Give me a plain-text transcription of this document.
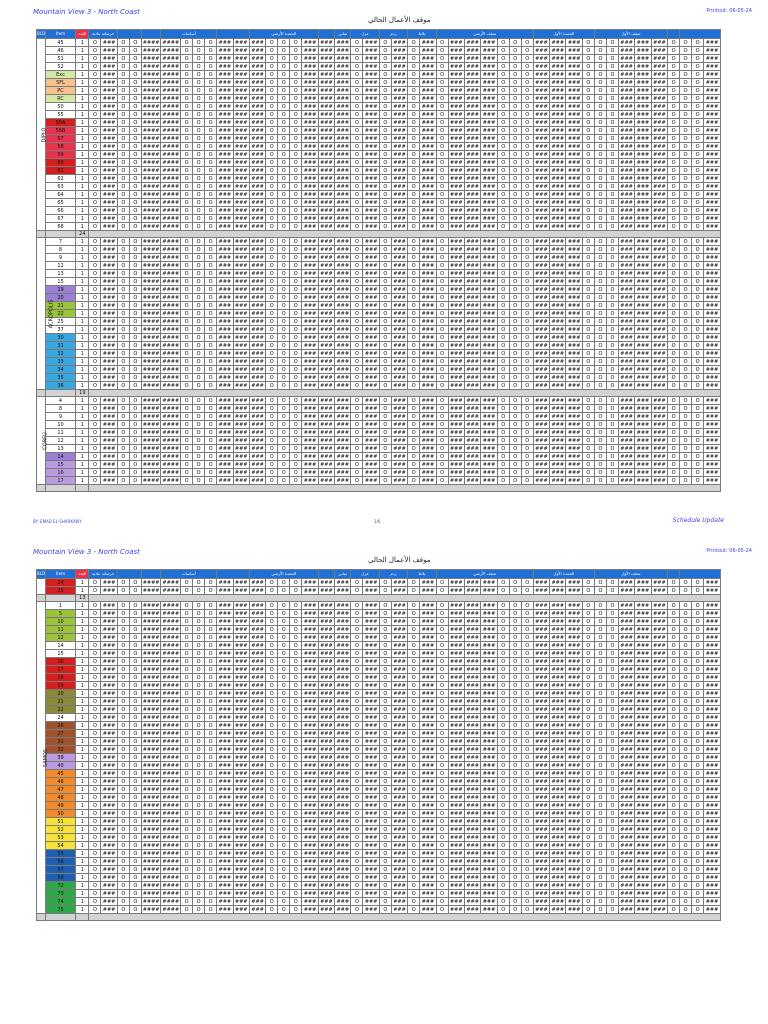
Mountain View 3 - North Coast
موقف الأعمال الحالي
Printout: 06-05-24
BLD	Item	العدد	خرسانة عادية					أساسات						الحمدة الأرضي						مباني	عزل		ردم		بلاط		سقف الأرضي							الحمدة الأول				سقف الأول								
DIPLO	45	1	O	###	O	O	####	####	O	O	O	###	###	###	O	O	O	###	###	###	O	###	O	###	O	###	O	###	###	###	O	O	O	###	###	###	O	O	O	###	###	###	O	O	O	###
	46	1	O	###	O	O	####	####	O	O	O	###	###	###	O	O	O	###	###	###	O	###	O	###	O	###	O	###	###	###	O	O	O	###	###	###	O	O	O	###	###	###	O	O	O	###
	51	1	O	###	O	O	####	####	O	O	O	###	###	###	O	O	O	###	###	###	O	###	O	###	O	###	O	###	###	###	O	O	O	###	###	###	O	O	O	###	###	###	O	O	O	###
	52	1	O	###	O	O	####	####	O	O	O	###	###	###	O	O	O	###	###	###	O	###	O	###	O	###	O	###	###	###	O	O	O	###	###	###	O	O	O	###	###	###	O	O	O	###
	Exc	1	O	###	O	O	####	####	O	O	O	###	###	###	O	O	O	###	###	###	O	###	O	###	O	###	O	###	###	###	O	O	O	###	###	###	O	O	O	###	###	###	O	O	O	###
	SFL	1	O	###	O	O	####	####	O	O	O	###	###	###	O	O	O	###	###	###	O	###	O	###	O	###	O	###	###	###	O	O	O	###	###	###	O	O	O	###	###	###	O	O	O	###
	PC	1	O	###	O	O	####	####	O	O	O	###	###	###	O	O	O	###	###	###	O	###	O	###	O	###	O	###	###	###	O	O	O	###	###	###	O	O	O	###	###	###	O	O	O	###
	RC	1	O	###	O	O	####	####	O	O	O	###	###	###	O	O	O	###	###	###	O	###	O	###	O	###	O	###	###	###	O	O	O	###	###	###	O	O	O	###	###	###	O	O	O	###
	50	1	O	###	O	O	####	####	O	O	O	###	###	###	O	O	O	###	###	###	O	###	O	###	O	###	O	###	###	###	O	O	O	###	###	###	O	O	O	###	###	###	O	O	O	###
	55	1	O	###	O	O	####	####	O	O	O	###	###	###	O	O	O	###	###	###	O	###	O	###	O	###	O	###	###	###	O	O	O	###	###	###	O	O	O	###	###	###	O	O	O	###
	56A	1	O	###	O	O	####	####	O	O	O	###	###	###	O	O	O	###	###	###	O	###	O	###	O	###	O	###	###	###	O	O	O	###	###	###	O	O	O	###	###	###	O	O	O	###
	56B	1	O	###	O	O	####	####	O	O	O	###	###	###	O	O	O	###	###	###	O	###	O	###	O	###	O	###	###	###	O	O	O	###	###	###	O	O	O	###	###	###	O	O	O	###
	57	1	O	###	O	O	####	####	O	O	O	###	###	###	O	O	O	###	###	###	O	###	O	###	O	###	O	###	###	###	O	O	O	###	###	###	O	O	O	###	###	###	O	O	O	###
	58	1	O	###	O	O	####	####	O	O	O	###	###	###	O	O	O	###	###	###	O	###	O	###	O	###	O	###	###	###	O	O	O	###	###	###	O	O	O	###	###	###	O	O	O	###
	59	1	O	###	O	O	####	####	O	O	O	###	###	###	O	O	O	###	###	###	O	###	O	###	O	###	O	###	###	###	O	O	O	###	###	###	O	O	O	###	###	###	O	O	O	###
	60	1	O	###	O	O	####	####	O	O	O	###	###	###	O	O	O	###	###	###	O	###	O	###	O	###	O	###	###	###	O	O	O	###	###	###	O	O	O	###	###	###	O	O	O	###
	61	1	O	###	O	O	####	####	O	O	O	###	###	###	O	O	O	###	###	###	O	###	O	###	O	###	O	###	###	###	O	O	O	###	###	###	O	O	O	###	###	###	O	O	O	###
	62	1	O	###	O	O	####	####	O	O	O	###	###	###	O	O	O	###	###	###	O	###	O	###	O	###	O	###	###	###	O	O	O	###	###	###	O	O	O	###	###	###	O	O	O	###
	63	1	O	###	O	O	####	####	O	O	O	###	###	###	O	O	O	###	###	###	O	###	O	###	O	###	O	###	###	###	O	O	O	###	###	###	O	O	O	###	###	###	O	O	O	###
	64	1	O	###	O	O	####	####	O	O	O	###	###	###	O	O	O	###	###	###	O	###	O	###	O	###	O	###	###	###	O	O	O	###	###	###	O	O	O	###	###	###	O	O	O	###
	65	1	O	###	O	O	####	####	O	O	O	###	###	###	O	O	O	###	###	###	O	###	O	###	O	###	O	###	###	###	O	O	O	###	###	###	O	O	O	###	###	###	O	O	O	###
	66	1	O	###	O	O	####	####	O	O	O	###	###	###	O	O	O	###	###	###	O	###	O	###	O	###	O	###	###	###	O	O	O	###	###	###	O	O	O	###	###	###	O	O	O	###
	67	1	O	###	O	O	####	####	O	O	O	###	###	###	O	O	O	###	###	###	O	###	O	###	O	###	O	###	###	###	O	O	O	###	###	###	O	O	O	###	###	###	O	O	O	###
	68	1	O	###	O	O	####	####	O	O	O	###	###	###	O	O	O	###	###	###	O	###	O	###	O	###	O	###	###	###	O	O	O	###	###	###	O	O	O	###	###	###	O	O	O	###
		24																																												
ACROPOLIS	7	1	O	###	O	O	####	####	O	O	O	###	###	###	O	O	O	###	###	###	O	###	O	###	O	###	O	###	###	###	O	O	O	###	###	###	O	O	O	###	###	###	O	O	O	###
	8	1	O	###	O	O	####	####	O	O	O	###	###	###	O	O	O	###	###	###	O	###	O	###	O	###	O	###	###	###	O	O	O	###	###	###	O	O	O	###	###	###	O	O	O	###
	9	1	O	###	O	O	####	####	O	O	O	###	###	###	O	O	O	###	###	###	O	###	O	###	O	###	O	###	###	###	O	O	O	###	###	###	O	O	O	###	###	###	O	O	O	###
	12	1	O	###	O	O	####	####	O	O	O	###	###	###	O	O	O	###	###	###	O	###	O	###	O	###	O	###	###	###	O	O	O	###	###	###	O	O	O	###	###	###	O	O	O	###
	13	1	O	###	O	O	####	####	O	O	O	###	###	###	O	O	O	###	###	###	O	###	O	###	O	###	O	###	###	###	O	O	O	###	###	###	O	O	O	###	###	###	O	O	O	###
	15	1	O	###	O	O	####	####	O	O	O	###	###	###	O	O	O	###	###	###	O	###	O	###	O	###	O	###	###	###	O	O	O	###	###	###	O	O	O	###	###	###	O	O	O	###
	19	1	O	###	O	O	####	####	O	O	O	###	###	###	O	O	O	###	###	###	O	###	O	###	O	###	O	###	###	###	O	O	O	###	###	###	O	O	O	###	###	###	O	O	O	###
	20	1	O	###	O	O	####	####	O	O	O	###	###	###	O	O	O	###	###	###	O	###	O	###	O	###	O	###	###	###	O	O	O	###	###	###	O	O	O	###	###	###	O	O	O	###
	21	1	O	###	O	O	####	####	O	O	O	###	###	###	O	O	O	###	###	###	O	###	O	###	O	###	O	###	###	###	O	O	O	###	###	###	O	O	O	###	###	###	O	O	O	###
	22	1	O	###	O	O	####	####	O	O	O	###	###	###	O	O	O	###	###	###	O	###	O	###	O	###	O	###	###	###	O	O	O	###	###	###	O	O	O	###	###	###	O	O	O	###
	25	1	O	###	O	O	####	####	O	O	O	###	###	###	O	O	O	###	###	###	O	###	O	###	O	###	O	###	###	###	O	O	O	###	###	###	O	O	O	###	###	###	O	O	O	###
	37	1	O	###	O	O	####	####	O	O	O	###	###	###	O	O	O	###	###	###	O	###	O	###	O	###	O	###	###	###	O	O	O	###	###	###	O	O	O	###	###	###	O	O	O	###
	30	1	O	###	O	O	####	####	O	O	O	###	###	###	O	O	O	###	###	###	O	###	O	###	O	###	O	###	###	###	O	O	O	###	###	###	O	O	O	###	###	###	O	O	O	###
	31	1	O	###	O	O	####	####	O	O	O	###	###	###	O	O	O	###	###	###	O	###	O	###	O	###	O	###	###	###	O	O	O	###	###	###	O	O	O	###	###	###	O	O	O	###
	32	1	O	###	O	O	####	####	O	O	O	###	###	###	O	O	O	###	###	###	O	###	O	###	O	###	O	###	###	###	O	O	O	###	###	###	O	O	O	###	###	###	O	O	O	###
	33	1	O	###	O	O	####	####	O	O	O	###	###	###	O	O	O	###	###	###	O	###	O	###	O	###	O	###	###	###	O	O	O	###	###	###	O	O	O	###	###	###	O	O	O	###
	34	1	O	###	O	O	####	####	O	O	O	###	###	###	O	O	O	###	###	###	O	###	O	###	O	###	O	###	###	###	O	O	O	###	###	###	O	O	O	###	###	###	O	O	O	###
	35	1	O	###	O	O	####	####	O	O	O	###	###	###	O	O	O	###	###	###	O	###	O	###	O	###	O	###	###	###	O	O	O	###	###	###	O	O	O	###	###	###	O	O	O	###
	36	1	O	###	O	O	####	####	O	O	O	###	###	###	O	O	O	###	###	###	O	###	O	###	O	###	O	###	###	###	O	O	O	###	###	###	O	O	O	###	###	###	O	O	O	###
		19																																												
CORFU	4	1	O	###	O	O	####	####	O	O	O	###	###	###	O	O	O	###	###	###	O	###	O	###	O	###	O	###	###	###	O	O	O	###	###	###	O	O	O	###	###	###	O	O	O	###
	8	1	O	###	O	O	####	####	O	O	O	###	###	###	O	O	O	###	###	###	O	###	O	###	O	###	O	###	###	###	O	O	O	###	###	###	O	O	O	###	###	###	O	O	O	###
	9	1	O	###	O	O	####	####	O	O	O	###	###	###	O	O	O	###	###	###	O	###	O	###	O	###	O	###	###	###	O	O	O	###	###	###	O	O	O	###	###	###	O	O	O	###
	10	1	O	###	O	O	####	####	O	O	O	###	###	###	O	O	O	###	###	###	O	###	O	###	O	###	O	###	###	###	O	O	O	###	###	###	O	O	O	###	###	###	O	O	O	###
	11	1	O	###	O	O	####	####	O	O	O	###	###	###	O	O	O	###	###	###	O	###	O	###	O	###	O	###	###	###	O	O	O	###	###	###	O	O	O	###	###	###	O	O	O	###
	12	1	O	###	O	O	####	####	O	O	O	###	###	###	O	O	O	###	###	###	O	###	O	###	O	###	O	###	###	###	O	O	O	###	###	###	O	O	O	###	###	###	O	O	O	###
	13	1	O	###	O	O	####	####	O	O	O	###	###	###	O	O	O	###	###	###	O	###	O	###	O	###	O	###	###	###	O	O	O	###	###	###	O	O	O	###	###	###	O	O	O	###
	14	1	O	###	O	O	####	####	O	O	O	###	###	###	O	O	O	###	###	###	O	###	O	###	O	###	O	###	###	###	O	O	O	###	###	###	O	O	O	###	###	###	O	O	O	###
	15	1	O	###	O	O	####	####	O	O	O	###	###	###	O	O	O	###	###	###	O	###	O	###	O	###	O	###	###	###	O	O	O	###	###	###	O	O	O	###	###	###	O	O	O	###
	16	1	O	###	O	O	####	####	O	O	O	###	###	###	O	O	O	###	###	###	O	###	O	###	O	###	O	###	###	###	O	O	O	###	###	###	O	O	O	###	###	###	O	O	O	###
	17	1	O	###	O	O	####	####	O	O	O	###	###	###	O	O	O	###	###	###	O	###	O	###	O	###	O	###	###	###	O	O	O	###	###	###	O	O	O	###	###	###	O	O	O	###

BY: EMAD EL-SHARKAWY	1/6	Schedule Update
Mountain View 3 - North Coast
موقف الأعمال الحالي
Printout: 06-05-24
BLD	Item	العدد	خرسانة عادية					أساسات						الحمدة الأرضي						مباني	عزل		ردم		بلاط		سقف الأرضي							الحمدة الأول				سقف الأول								
	24	1	O	###	O	O	####	####	O	O	O	###	###	###	O	O	O	###	###	###	O	###	O	###	O	###	O	###	###	###	O	O	O	###	###	###	O	O	O	###	###	###	O	O	O	###
	25	1	O	###	O	O	####	####	O	O	O	###	###	###	O	O	O	###	###	###	O	###	O	###	O	###	O	###	###	###	O	O	O	###	###	###	O	O	O	###	###	###	O	O	O	###
		13																																												
SAMOS	1	1	O	###	O	O	####	####	O	O	O	###	###	###	O	O	O	###	###	###	O	###	O	###	O	###	O	###	###	###	O	O	O	###	###	###	O	O	O	###	###	###	O	O	O	###
	5	1	O	###	O	O	####	####	O	O	O	###	###	###	O	O	O	###	###	###	O	###	O	###	O	###	O	###	###	###	O	O	O	###	###	###	O	O	O	###	###	###	O	O	O	###
	10	1	O	###	O	O	####	####	O	O	O	###	###	###	O	O	O	###	###	###	O	###	O	###	O	###	O	###	###	###	O	O	O	###	###	###	O	O	O	###	###	###	O	O	O	###
	11	1	O	###	O	O	####	####	O	O	O	###	###	###	O	O	O	###	###	###	O	###	O	###	O	###	O	###	###	###	O	O	O	###	###	###	O	O	O	###	###	###	O	O	O	###
	12	1	O	###	O	O	####	####	O	O	O	###	###	###	O	O	O	###	###	###	O	###	O	###	O	###	O	###	###	###	O	O	O	###	###	###	O	O	O	###	###	###	O	O	O	###
	14	1	O	###	O	O	####	####	O	O	O	###	###	###	O	O	O	###	###	###	O	###	O	###	O	###	O	###	###	###	O	O	O	###	###	###	O	O	O	###	###	###	O	O	O	###
	15	1	O	###	O	O	####	####	O	O	O	###	###	###	O	O	O	###	###	###	O	###	O	###	O	###	O	###	###	###	O	O	O	###	###	###	O	O	O	###	###	###	O	O	O	###
	16	1	O	###	O	O	####	####	O	O	O	###	###	###	O	O	O	###	###	###	O	###	O	###	O	###	O	###	###	###	O	O	O	###	###	###	O	O	O	###	###	###	O	O	O	###
	17	1	O	###	O	O	####	####	O	O	O	###	###	###	O	O	O	###	###	###	O	###	O	###	O	###	O	###	###	###	O	O	O	###	###	###	O	O	O	###	###	###	O	O	O	###
	18	1	O	###	O	O	####	####	O	O	O	###	###	###	O	O	O	###	###	###	O	###	O	###	O	###	O	###	###	###	O	O	O	###	###	###	O	O	O	###	###	###	O	O	O	###
	19	1	O	###	O	O	####	####	O	O	O	###	###	###	O	O	O	###	###	###	O	###	O	###	O	###	O	###	###	###	O	O	O	###	###	###	O	O	O	###	###	###	O	O	O	###
	20	1	O	###	O	O	####	####	O	O	O	###	###	###	O	O	O	###	###	###	O	###	O	###	O	###	O	###	###	###	O	O	O	###	###	###	O	O	O	###	###	###	O	O	O	###
	21	1	O	###	O	O	####	####	O	O	O	###	###	###	O	O	O	###	###	###	O	###	O	###	O	###	O	###	###	###	O	O	O	###	###	###	O	O	O	###	###	###	O	O	O	###
	22	1	O	###	O	O	####	####	O	O	O	###	###	###	O	O	O	###	###	###	O	###	O	###	O	###	O	###	###	###	O	O	O	###	###	###	O	O	O	###	###	###	O	O	O	###
	24	1	O	###	O	O	####	####	O	O	O	###	###	###	O	O	O	###	###	###	O	###	O	###	O	###	O	###	###	###	O	O	O	###	###	###	O	O	O	###	###	###	O	O	O	###
	26	1	O	###	O	O	####	####	O	O	O	###	###	###	O	O	O	###	###	###	O	###	O	###	O	###	O	###	###	###	O	O	O	###	###	###	O	O	O	###	###	###	O	O	O	###
	27	1	O	###	O	O	####	####	O	O	O	###	###	###	O	O	O	###	###	###	O	###	O	###	O	###	O	###	###	###	O	O	O	###	###	###	O	O	O	###	###	###	O	O	O	###
	31	1	O	###	O	O	####	####	O	O	O	###	###	###	O	O	O	###	###	###	O	###	O	###	O	###	O	###	###	###	O	O	O	###	###	###	O	O	O	###	###	###	O	O	O	###
	32	1	O	###	O	O	####	####	O	O	O	###	###	###	O	O	O	###	###	###	O	###	O	###	O	###	O	###	###	###	O	O	O	###	###	###	O	O	O	###	###	###	O	O	O	###
	39	1	O	###	O	O	####	####	O	O	O	###	###	###	O	O	O	###	###	###	O	###	O	###	O	###	O	###	###	###	O	O	O	###	###	###	O	O	O	###	###	###	O	O	O	###
	40	1	O	###	O	O	####	####	O	O	O	###	###	###	O	O	O	###	###	###	O	###	O	###	O	###	O	###	###	###	O	O	O	###	###	###	O	O	O	###	###	###	O	O	O	###
	45	1	O	###	O	O	####	####	O	O	O	###	###	###	O	O	O	###	###	###	O	###	O	###	O	###	O	###	###	###	O	O	O	###	###	###	O	O	O	###	###	###	O	O	O	###
	46	1	O	###	O	O	####	####	O	O	O	###	###	###	O	O	O	###	###	###	O	###	O	###	O	###	O	###	###	###	O	O	O	###	###	###	O	O	O	###	###	###	O	O	O	###
	47	1	O	###	O	O	####	####	O	O	O	###	###	###	O	O	O	###	###	###	O	###	O	###	O	###	O	###	###	###	O	O	O	###	###	###	O	O	O	###	###	###	O	O	O	###
	48	1	O	###	O	O	####	####	O	O	O	###	###	###	O	O	O	###	###	###	O	###	O	###	O	###	O	###	###	###	O	O	O	###	###	###	O	O	O	###	###	###	O	O	O	###
	49	1	O	###	O	O	####	####	O	O	O	###	###	###	O	O	O	###	###	###	O	###	O	###	O	###	O	###	###	###	O	O	O	###	###	###	O	O	O	###	###	###	O	O	O	###
	50	1	O	###	O	O	####	####	O	O	O	###	###	###	O	O	O	###	###	###	O	###	O	###	O	###	O	###	###	###	O	O	O	###	###	###	O	O	O	###	###	###	O	O	O	###
	51	1	O	###	O	O	####	####	O	O	O	###	###	###	O	O	O	###	###	###	O	###	O	###	O	###	O	###	###	###	O	O	O	###	###	###	O	O	O	###	###	###	O	O	O	###
	52	1	O	###	O	O	####	####	O	O	O	###	###	###	O	O	O	###	###	###	O	###	O	###	O	###	O	###	###	###	O	O	O	###	###	###	O	O	O	###	###	###	O	O	O	###
	53	1	O	###	O	O	####	####	O	O	O	###	###	###	O	O	O	###	###	###	O	###	O	###	O	###	O	###	###	###	O	O	O	###	###	###	O	O	O	###	###	###	O	O	O	###
	54	1	O	###	O	O	####	####	O	O	O	###	###	###	O	O	O	###	###	###	O	###	O	###	O	###	O	###	###	###	O	O	O	###	###	###	O	O	O	###	###	###	O	O	O	###
	55	1	O	###	O	O	####	####	O	O	O	###	###	###	O	O	O	###	###	###	O	###	O	###	O	###	O	###	###	###	O	O	O	###	###	###	O	O	O	###	###	###	O	O	O	###
	56	1	O	###	O	O	####	####	O	O	O	###	###	###	O	O	O	###	###	###	O	###	O	###	O	###	O	###	###	###	O	O	O	###	###	###	O	O	O	###	###	###	O	O	O	###
	57	1	O	###	O	O	####	####	O	O	O	###	###	###	O	O	O	###	###	###	O	###	O	###	O	###	O	###	###	###	O	O	O	###	###	###	O	O	O	###	###	###	O	O	O	###
	58	1	O	###	O	O	####	####	O	O	O	###	###	###	O	O	O	###	###	###	O	###	O	###	O	###	O	###	###	###	O	O	O	###	###	###	O	O	O	###	###	###	O	O	O	###
	72	1	O	###	O	O	####	####	O	O	O	###	###	###	O	O	O	###	###	###	O	###	O	###	O	###	O	###	###	###	O	O	O	###	###	###	O	O	O	###	###	###	O	O	O	###
	73	1	O	###	O	O	####	####	O	O	O	###	###	###	O	O	O	###	###	###	O	###	O	###	O	###	O	###	###	###	O	O	O	###	###	###	O	O	O	###	###	###	O	O	O	###
	74	1	O	###	O	O	####	####	O	O	O	###	###	###	O	O	O	###	###	###	O	###	O	###	O	###	O	###	###	###	O	O	O	###	###	###	O	O	O	###	###	###	O	O	O	###
	75	1	O	###	O	O	####	####	O	O	O	###	###	###	O	O	O	###	###	###	O	###	O	###	O	###	O	###	###	###	O	O	O	###	###	###	O	O	O	###	###	###	O	O	O	###
